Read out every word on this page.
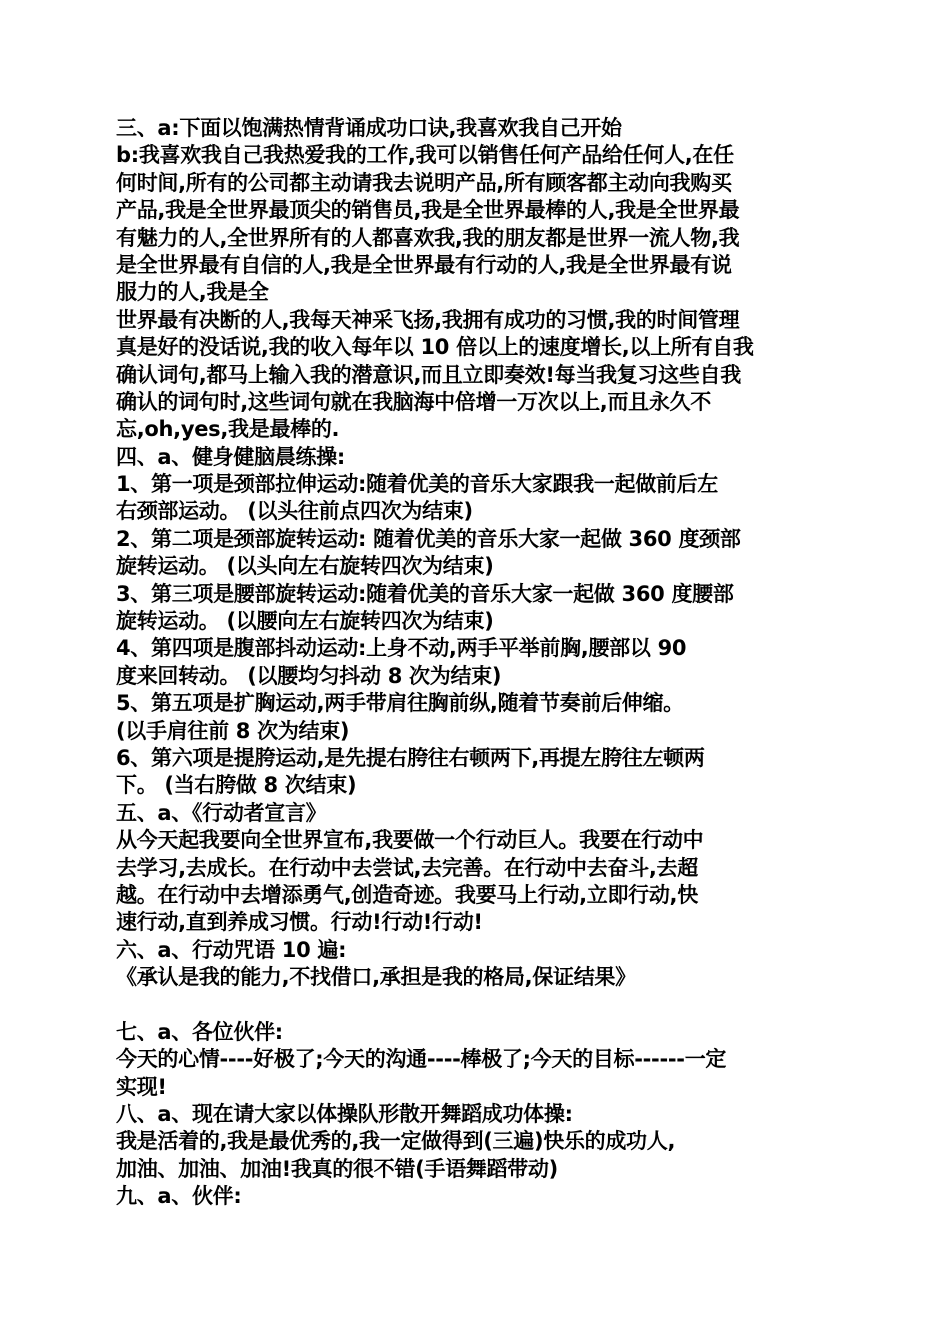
三、a:下面以饱满热情背诵成功口诀,我喜欢我自己开始
b:我喜欢我自己我热爱我的工作,我可以销售任何产品给任何人,在任
何时间,所有的公司都主动请我去说明产品,所有顾客都主动向我购买
产品,我是全世界最顶尖的销售员,我是全世界最棒的人,我是全世界最
有魅力的人,全世界所有的人都喜欢我,我的朋友都是世界一流人物,我
是全世界最有自信的人,我是全世界最有行动的人,我是全世界最有说
服力的人,我是全
世界最有决断的人,我每天神采飞扬,我拥有成功的习惯,我的时间管理
真是好的没话说,我的收入每年以 10 倍以上的速度增长,以上所有自我
确认词句,都马上输入我的潜意识,而且立即奏效!每当我复习这些自我
确认的词句时,这些词句就在我脑海中倍增一万次以上,而且永久不
忘,oh,yes,我是最棒的.
四、a、健身健脑晨练操:
1、第一项是颈部拉伸运动:随着优美的音乐大家跟我一起做前后左
右颈部运动。 (以头往前点四次为结束)
2、第二项是颈部旋转运动: 随着优美的音乐大家一起做 360 度颈部
旋转运动。 (以头向左右旋转四次为结束)
3、第三项是腰部旋转运动:随着优美的音乐大家一起做 360 度腰部
旋转运动。 (以腰向左右旋转四次为结束)
4、第四项是腹部抖动运动:上身不动,两手平举前胸,腰部以 90
度来回转动。 (以腰均匀抖动 8 次为结束)
5、第五项是扩胸运动,两手带肩往胸前纵,随着节奏前后伸缩。
(以手肩往前 8 次为结束)
6、第六项是提胯运动,是先提右胯往右顿两下,再提左胯往左顿两
下。 (当右胯做 8 次结束)
五、a、《行动者宣言》
从今天起我要向全世界宣布,我要做一个行动巨人。我要在行动中
去学习,去成长。在行动中去尝试,去完善。在行动中去奋斗,去超
越。在行动中去增添勇气,创造奇迹。我要马上行动,立即行动,快
速行动,直到养成习惯。行动!行动!行动!
六、a、行动咒语 10 遍:
《承认是我的能力,不找借口,承担是我的格局,保证结果》
七、a、各位伙伴:
今天的心情----好极了;今天的沟通----棒极了;今天的目标------一定
实现!
八、a、现在请大家以体操队形散开舞蹈成功体操:
我是活着的,我是最优秀的,我一定做得到(三遍)快乐的成功人,
加油、加油、加油!我真的很不错(手语舞蹈带动)
九、a、伙伴:
